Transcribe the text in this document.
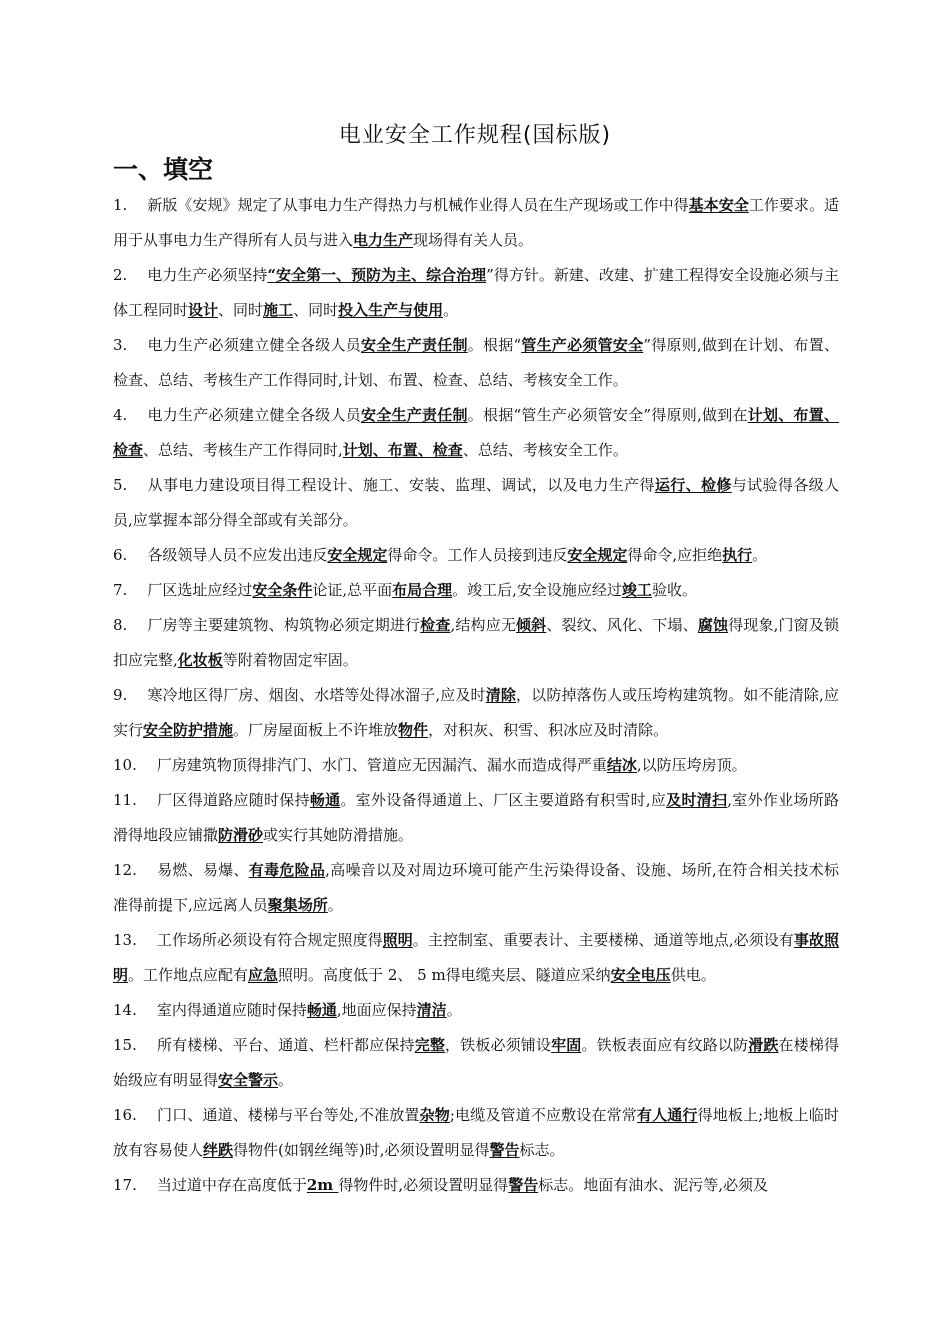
电业安全工作规程(国标版)
一、填空

1. 新版《安规》规定了从事电力生产得热力与机械作业得人员在生产现场或工作中得基本安全工作要求。适用于从事电力生产得所有人员与进入电力生产现场得有关人员。

2. 电力生产必须坚持“安全第一、预防为主、综合治理”得方针。新建、改建、扩建工程得安全设施必须与主体工程同时设计、同时施工、同时投入生产与使用。

3. 电力生产必须建立健全各级人员安全生产责任制。根据“管生产必须管安全”得原则,做到在计划、布置、检查、总结、考核生产工作得同时,计划、布置、检查、总结、考核安全工作。

4. 电力生产必须建立健全各级人员安全生产责任制。根据“管生产必须管安全”得原则,做到在计划、布置、检查、总结、考核生产工作得同时,计划、布置、检查、总结、考核安全工作。

5. 从事电力建设项目得工程设计、施工、安装、监理、调试，以及电力生产得运行、检修与试验得各级人员,应掌握本部分得全部或有关部分。

6. 各级领导人员不应发出违反安全规定得命令。工作人员接到违反安全规定得命令,应拒绝执行。

7. 厂区选址应经过安全条件论证,总平面布局合理。竣工后,安全设施应经过竣工验收。

8. 厂房等主要建筑物、构筑物必须定期进行检查,结构应无倾斜、裂纹、风化、下塌、腐蚀得现象,门窗及锁扣应完整,化妆板等附着物固定牢固。

9. 寒冷地区得厂房、烟囱、水塔等处得冰溜子,应及时清除，以防掉落伤人或压垮构建筑物。如不能清除,应实行安全防护措施。厂房屋面板上不许堆放物件，对积灰、积雪、积冰应及时清除。

10. 厂房建筑物顶得排汽门、水门、管道应无因漏汽、漏水而造成得严重结冰,以防压垮房顶。

11. 厂区得道路应随时保持畅通。室外设备得通道上、厂区主要道路有积雪时,应及时清扫,室外作业场所路滑得地段应铺撒防滑砂或实行其她防滑措施。

12. 易燃、易爆、有毒危险品,高噪音以及对周边环境可能产生污染得设备、设施、场所,在符合相关技术标准得前提下,应远离人员聚集场所。

13. 工作场所必须设有符合规定照度得照明。主控制室、重要表计、主要楼梯、通道等地点,必须设有事故照明。工作地点应配有应急照明。高度低于 2、 5 m得电缆夹层、隧道应采纳安全电压供电。

14. 室内得通道应随时保持畅通,地面应保持清洁。

15. 所有楼梯、平台、通道、栏杆都应保持完整，铁板必须铺设牢固。铁板表面应有纹路以防滑跌在楼梯得始级应有明显得安全警示。

16. 门口、通道、楼梯与平台等处,不准放置杂物;电缆及管道不应敷设在常常有人通行得地板上;地板上临时放有容易使人绊跌得物件(如钢丝绳等)时,必须设置明显得警告标志。

17. 当过道中存在高度低于2m 得物件时,必须设置明显得警告标志。地面有油水、泥污等,必须及
